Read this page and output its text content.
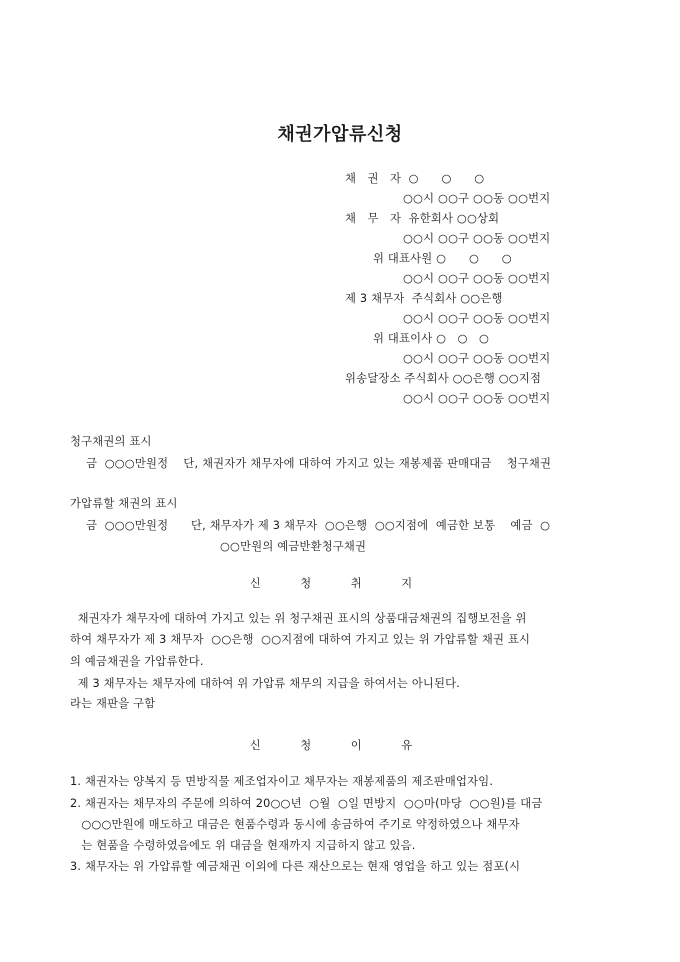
채권가압류신청
채   권   자  ○      ○      ○
○○시 ○○구 ○○동 ○○번지
채   무   자  유한회사 ○○상회
○○시 ○○구 ○○동 ○○번지
위 대표사원 ○      ○      ○
○○시 ○○구 ○○동 ○○번지
제 3 채무자  주식회사 ○○은행
○○시 ○○구 ○○동 ○○번지
위 대표이사 ○   ○   ○
○○시 ○○구 ○○동 ○○번지
위송달장소 주식회사 ○○은행 ○○지점
○○시 ○○구 ○○동 ○○번지
청구채권의 표시
금  ○○○만원정    단, 채권자가 채무자에 대하여 가지고 있는 재봉제품 판매대금    청구채권
가압류할 채권의 표시
금  ○○○만원정      단, 채무자가 제 3 채무자  ○○은행  ○○지점에  예금한 보통    예금  ○
○○만원의 예금반환청구채권
신 청 취 지
채권자가 채무자에 대하여 가지고 있는 위 청구채권 표시의 상품대금채권의 집행보전을 위
하여 채무자가 제 3 채무자  ○○은행  ○○지점에 대하여 가지고 있는 위 가압류할 채권 표시
의 예금채권을 가압류한다.
제 3 채무자는 채무자에 대하여 위 가압류 채무의 지급을 하여서는 아니된다.
라는 재판을 구함
신 청 이 유
1. 채권자는 양복지 등 면방직물 제조업자이고 채무자는 재봉제품의 제조판매업자임.
2. 채권자는 채무자의 주문에 의하여 20○○년  ○월  ○일 면방지  ○○마(마당  ○○원)를 대금
○○○만원에 매도하고 대금은 현품수령과 동시에 송금하여 주기로 약정하였으나 채무자
는 현품을 수령하였음에도 위 대금을 현재까지 지급하지 않고 있음.
3. 채무자는 위 가압류할 예금채권 이외에 다른 재산으로는 현재 영업을 하고 있는 점포(시
